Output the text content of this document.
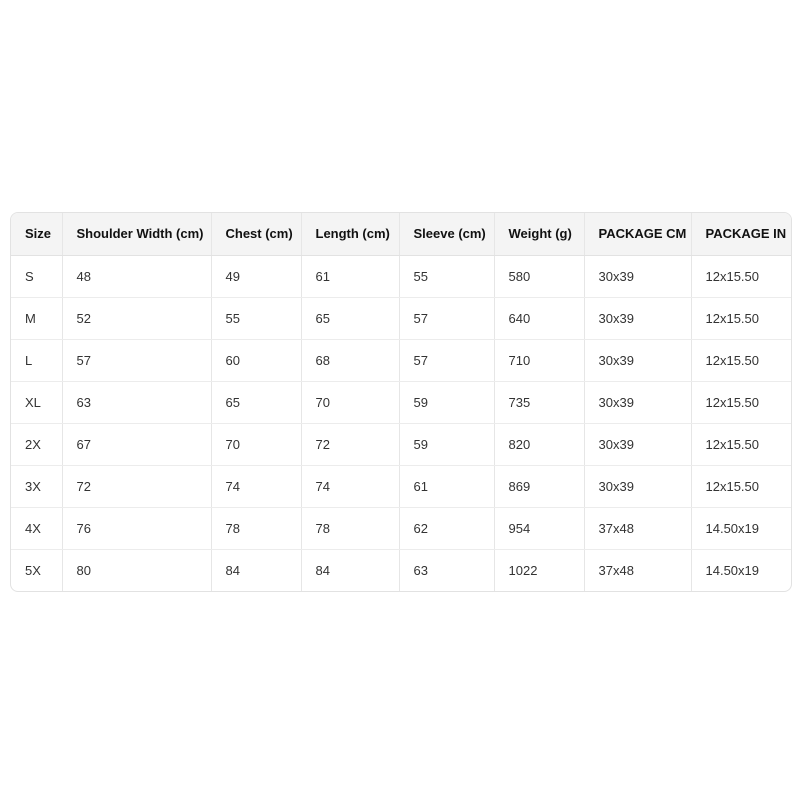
Size	Shoulder Width (cm)	Chest (cm)	Length (cm)	Sleeve (cm)	Weight (g)	PACKAGE CM	PACKAGE IN
S	48	49	61	55	580	30x39	12x15.50
M	52	55	65	57	640	30x39	12x15.50
L	57	60	68	57	710	30x39	12x15.50
XL	63	65	70	59	735	30x39	12x15.50
2X	67	70	72	59	820	30x39	12x15.50
3X	72	74	74	61	869	30x39	12x15.50
4X	76	78	78	62	954	37x48	14.50x19
5X	80	84	84	63	1022	37x48	14.50x19
